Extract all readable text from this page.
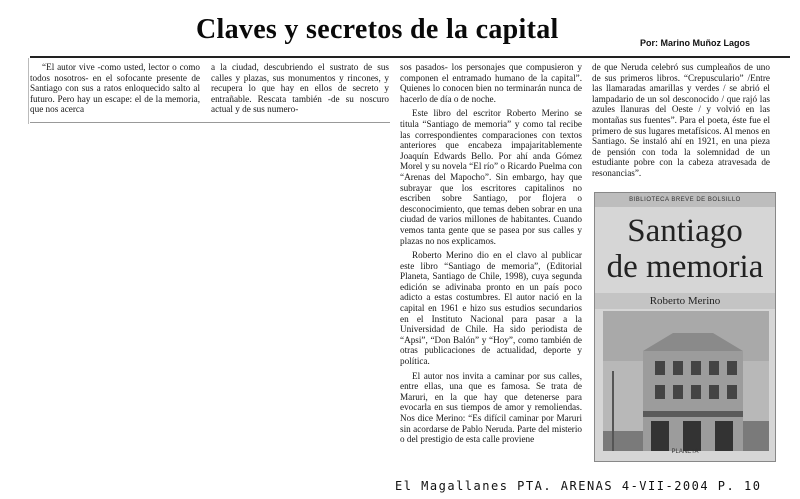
Claves y secretos de la capital	Por: Marino Muñoz Lagos

“El autor vive -como usted, lector o como todos nosotros- en el sofocante presente de Santiago con sus a ratos enloquecido salto al futuro. Pero hay un escape: el de la memoria, que nos acerca

a la ciudad, descubriendo el sustrato de sus calles y plazas, sus monumentos y rincones, y recupera lo que hay en ellos de secreto y entrañable. Rescata también -de su noscuro actual y de sus numero-

sos pasados- los personajes que compusieron y componen el entramado humano de la capital”. Quienes lo conocen bien no terminarán nunca de hacerlo de día o de noche.

Este libro del escritor Roberto Merino se titula “Santiago de memoria” y como tal recibe las correspondientes comparaciones con textos anteriores que encabeza impajaritablemente Joaquín Edwards Bello. Por ahí anda Gómez Morel y su novela “El río” o Ricardo Puelma con “Arenas del Mapocho”. Sin embargo, hay que subrayar que los escritores capitalinos no escriben sobre Santiago, por flojera o desconocimiento, que temas deben sobrar en una ciudad de varios millones de habitantes. Cuando vemos tanta gente que se pasea por sus calles y plazas no nos explicamos.

Roberto Merino dio en el clavo al publicar este libro “Santiago de memoria”, (Editorial Planeta, Santiago de Chile, 1998), cuya segunda edición se adivinaba pronto en un país poco adicto a estas costumbres. El autor nació en la capital en 1961 e hizo sus estudios secundarios en el Instituto Nacional para pasar a la Universidad de Chile. Ha sido periodista de “Apsi”, “Don Balón” y “Hoy”, como también de otras publicaciones de actualidad, deporte y política.

El autor nos invita a caminar por sus calles, entre ellas, una que es famosa. Se trata de Maruri, en la que hay que detenerse para evocarla en sus tiempos de amor y remoliendas. Nos dice Merino: “Es difícil caminar por Maruri sin acordarse de Pablo Neruda. Parte del misterio o del prestigio de esta calle proviene

de que Neruda celebró sus cumpleaños de uno de sus primeros libros. “Crepusculario” /Entre las llamaradas amarillas y verdes / se abrió el lampadario de un sol desconocido / que rajó las azules llanuras del Oeste / y volvió en las montañas sus fuentes”. Para el poeta, éste fue el primero de sus lugares metafísicos. Al menos en Santiago. Se instaló ahí en 1921, en una pieza de pensión con toda la solemnidad de un estudiante pobre con la cabeza atravesada de resonancias”.

BIBLIOTECA BREVE DE BOLSILLO
Santiago
de memoria
Roberto Merino
PLANETA
El Magallanes PTA. ARENAS 4-VII-2004 P. 10
